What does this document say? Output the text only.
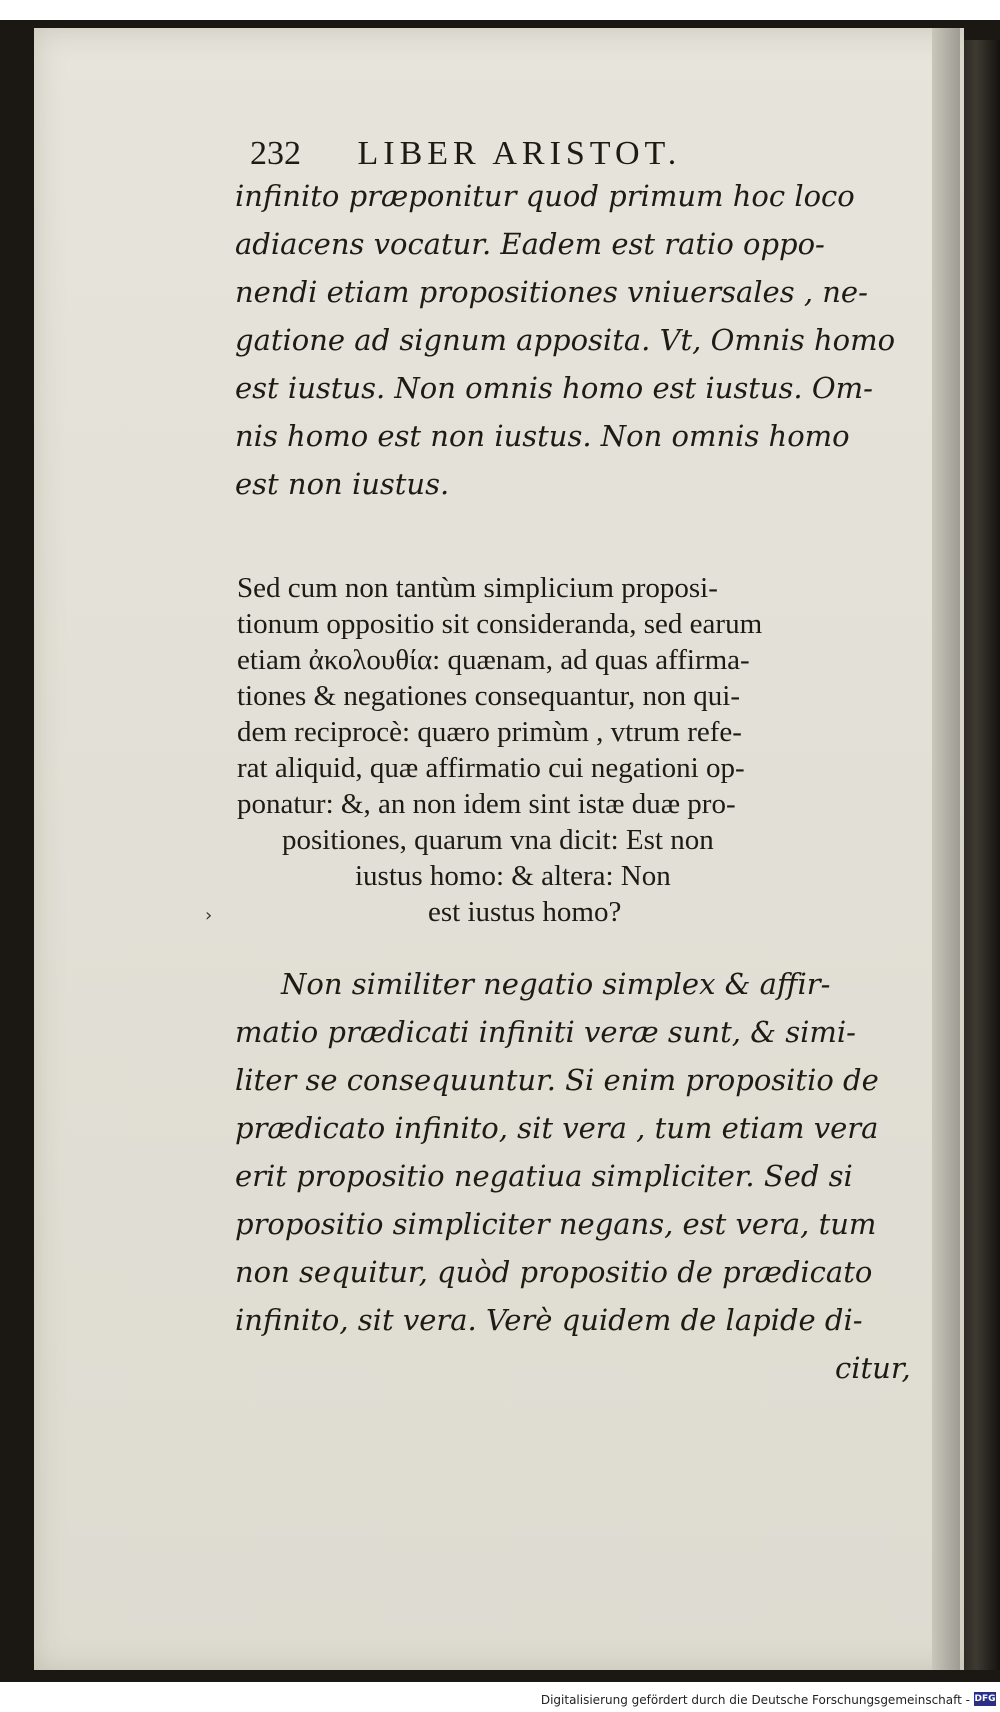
232 LIBER ARISTOT.
infinito præponitur quod primum hoc loco
adiacens vocatur. Eadem est ratio oppo-
nendi etiam propositiones vniuersales , ne-
gatione ad signum apposita. Vt, Omnis homo
est iustus. Non omnis homo est iustus. Om-
nis homo est non iustus. Non omnis homo
est non iustus.
Sed cum non tantùm simplicium proposi-
tionum oppositio sit consideranda, sed earum
etiam ἀκολουθία: quænam, ad quas affirma-
tiones & negationes consequantur, non qui-
dem reciprocè: quæro primùm , vtrum refe-
rat aliquid, quæ affirmatio cui negationi op-
ponatur: &, an non idem sint istæ duæ pro-
positiones, quarum vna dicit: Est non
iustus homo: & altera: Non
est iustus homo?
›
Non similiter negatio simplex & affir-
matio prædicati infiniti veræ sunt, & simi-
liter se consequuntur. Si enim propositio de
prædicato infinito, sit vera , tum etiam vera
erit propositio negatiua simpliciter. Sed si
propositio simpliciter negans, est vera, tum
non sequitur, quòd propositio de prædicato
infinito, sit vera. Verè quidem de lapide di-
citur,
Digitalisierung gefördert durch die Deutsche Forschungsgemeinschaft - DFG
